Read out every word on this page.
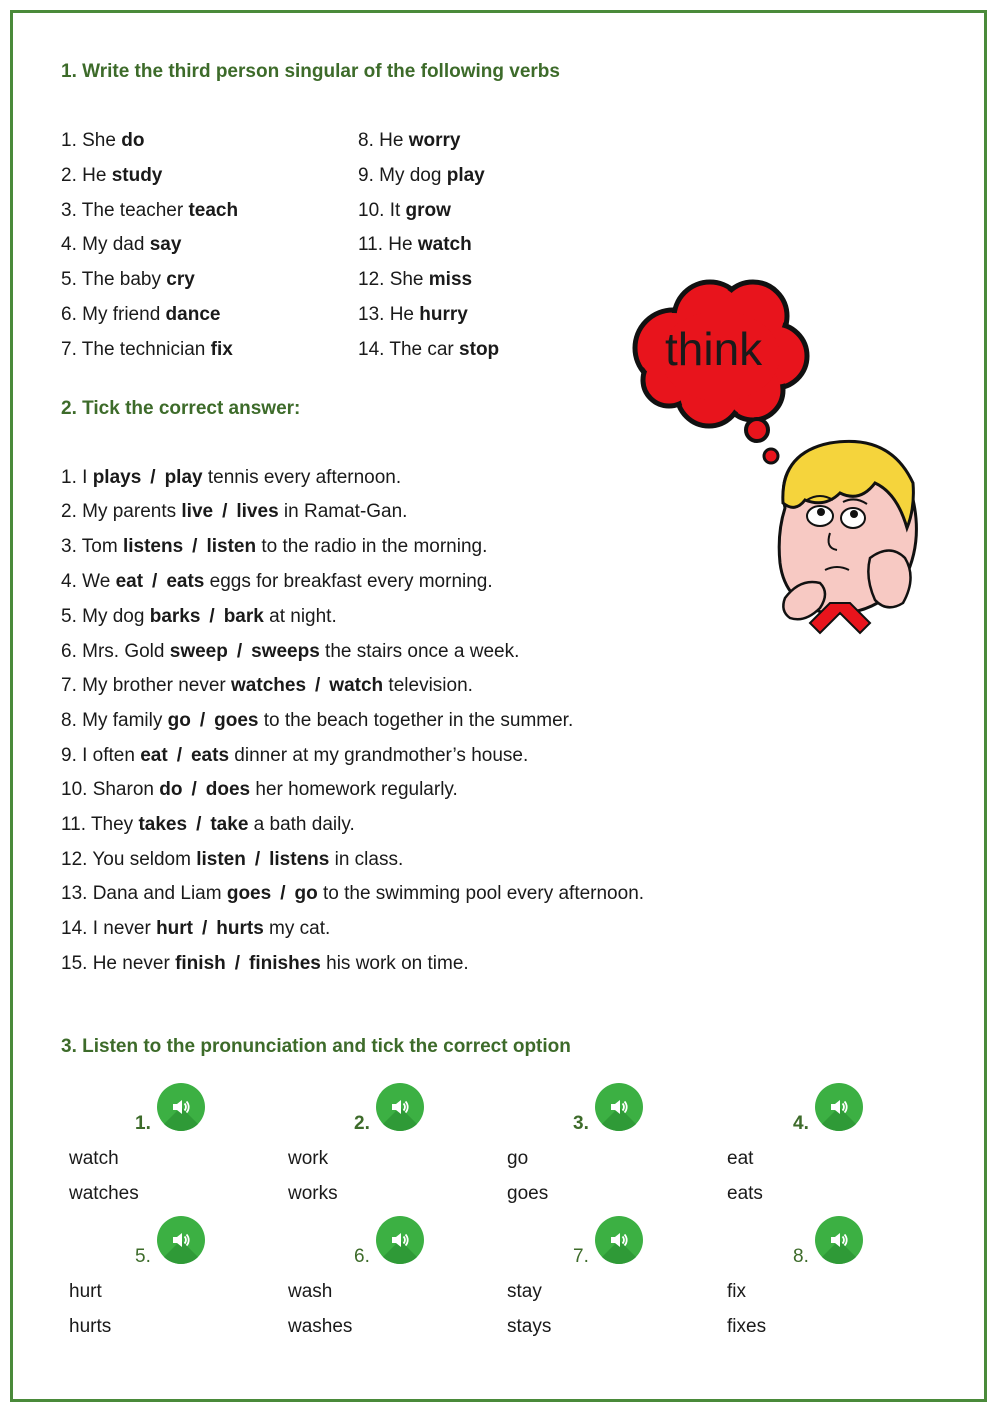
1. Write the third person singular of the following verbs
1. She do
2. He study
3. The teacher teach
4. My dad say
5. The baby cry
6. My friend dance
7. The technician fix
8. He worry
9. My dog play
10. It grow
11. He watch
12. She miss
13. He hurry
14. The car stop	think
2. Tick the correct answer:
1. I plays / play tennis every afternoon.
2. My parents live / lives in Ramat-Gan.
3. Tom listens / listen to the radio in the morning.
4. We eat / eats eggs for breakfast every morning.
5. My dog barks / bark at night.
6. Mrs. Gold sweep / sweeps the stairs once a week.
7. My brother never watches / watch television.
8. My family go / goes to the beach together in the summer.
9. I often eat / eats dinner at my grandmother’s house.
10. Sharon do / does her homework regularly.
11. They takes / take a bath daily.
12. You seldom listen / listens in class.
13. Dana and Liam goes / go to the swimming pool every afternoon.
14. I never hurt / hurts my cat.
15. He never finish / finishes his work on time.
3. Listen to the pronunciation and tick the correct option
1.
watch
watches
2.
work
works
3.
go
goes
4.
eat
eats
5.
hurt
hurts
6.
wash
washes
7.
stay
stays
8.
fix
fixes
